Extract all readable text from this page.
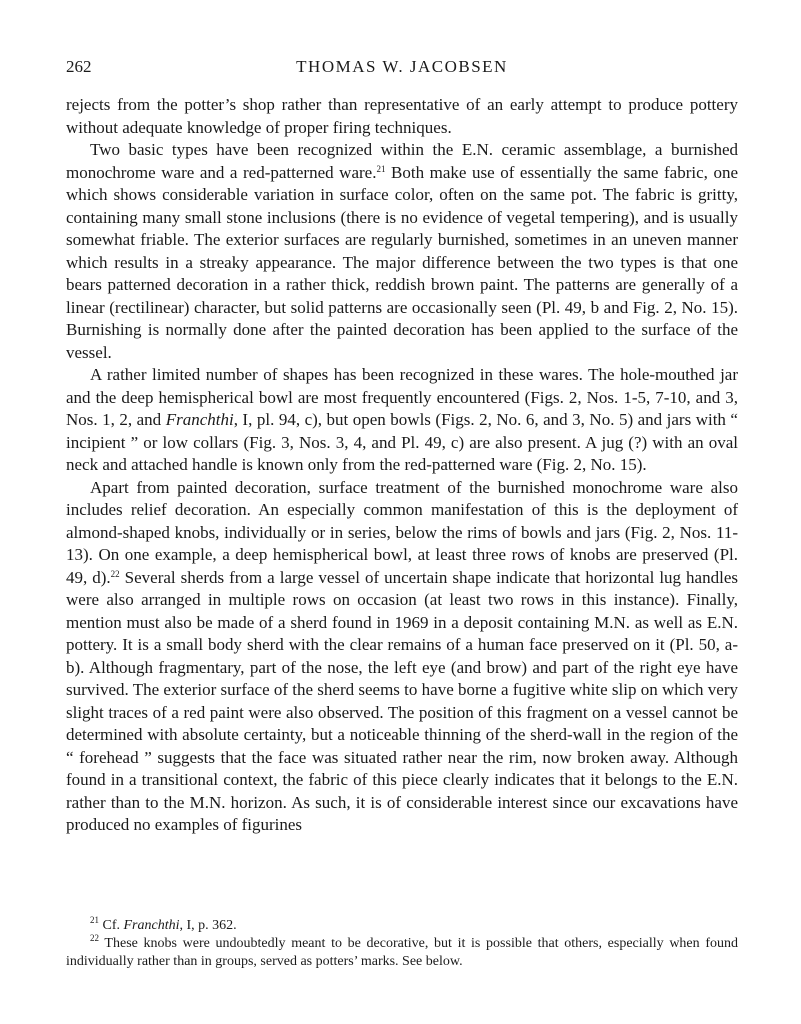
262	THOMAS W. JACOBSEN

rejects from the potter’s shop rather than representative of an early attempt to produce pottery without adequate knowledge of proper firing techniques.

Two basic types have been recognized within the E.N. ceramic assemblage, a burnished monochrome ware and a red-patterned ware.$^{21}$ Both make use of essentially the same fabric, one which shows considerable variation in surface color, often on the same pot. The fabric is gritty, containing many small stone inclusions (there is no evidence of vegetal tempering), and is usually somewhat friable. The exterior surfaces are regularly burnished, sometimes in an uneven manner which results in a streaky appearance. The major difference between the two types is that one bears patterned decoration in a rather thick, reddish brown paint. The patterns are generally of a linear (rectilinear) character, but solid patterns are occasionally seen (Pl. 49, b and Fig. 2, No. 15). Burnishing is normally done after the painted decoration has been applied to the surface of the vessel.

A rather limited number of shapes has been recognized in these wares. The hole-mouthed jar and the deep hemispherical bowl are most frequently encountered (Figs. 2, Nos. 1-5, 7-10, and 3, Nos. 1, 2, and Franchthi, I, pl. 94, c), but open bowls (Figs. 2, No. 6, and 3, No. 5) and jars with “ incipient ” or low collars (Fig. 3, Nos. 3, 4, and Pl. 49, c) are also present. A jug (?) with an oval neck and attached handle is known only from the red-patterned ware (Fig. 2, No. 15).

Apart from painted decoration, surface treatment of the burnished monochrome ware also includes relief decoration. An especially common manifestation of this is the deployment of almond-shaped knobs, individually or in series, below the rims of bowls and jars (Fig. 2, Nos. 11-13). On one example, a deep hemispherical bowl, at least three rows of knobs are preserved (Pl. 49, d).$^{22}$ Several sherds from a large vessel of uncertain shape indicate that horizontal lug handles were also arranged in multiple rows on occasion (at least two rows in this instance). Finally, mention must also be made of a sherd found in 1969 in a deposit containing M.N. as well as E.N. pottery. It is a small body sherd with the clear remains of a human face preserved on it (Pl. 50, a-b). Although fragmentary, part of the nose, the left eye (and brow) and part of the right eye have survived. The exterior surface of the sherd seems to have borne a fugitive white slip on which very slight traces of a red paint were also observed. The position of this fragment on a vessel cannot be determined with absolute certainty, but a noticeable thinning of the sherd-wall in the region of the “ forehead ” suggests that the face was situated rather near the rim, now broken away. Although found in a transitional context, the fabric of this piece clearly indicates that it belongs to the E.N. rather than to the M.N. horizon. As such, it is of considerable interest since our excavations have produced no examples of figurines

$^{21}$ Cf. Franchthi, I, p. 362.

$^{22}$ These knobs were undoubtedly meant to be decorative, but it is possible that others, especially when found individually rather than in groups, served as potters’ marks. See below.
